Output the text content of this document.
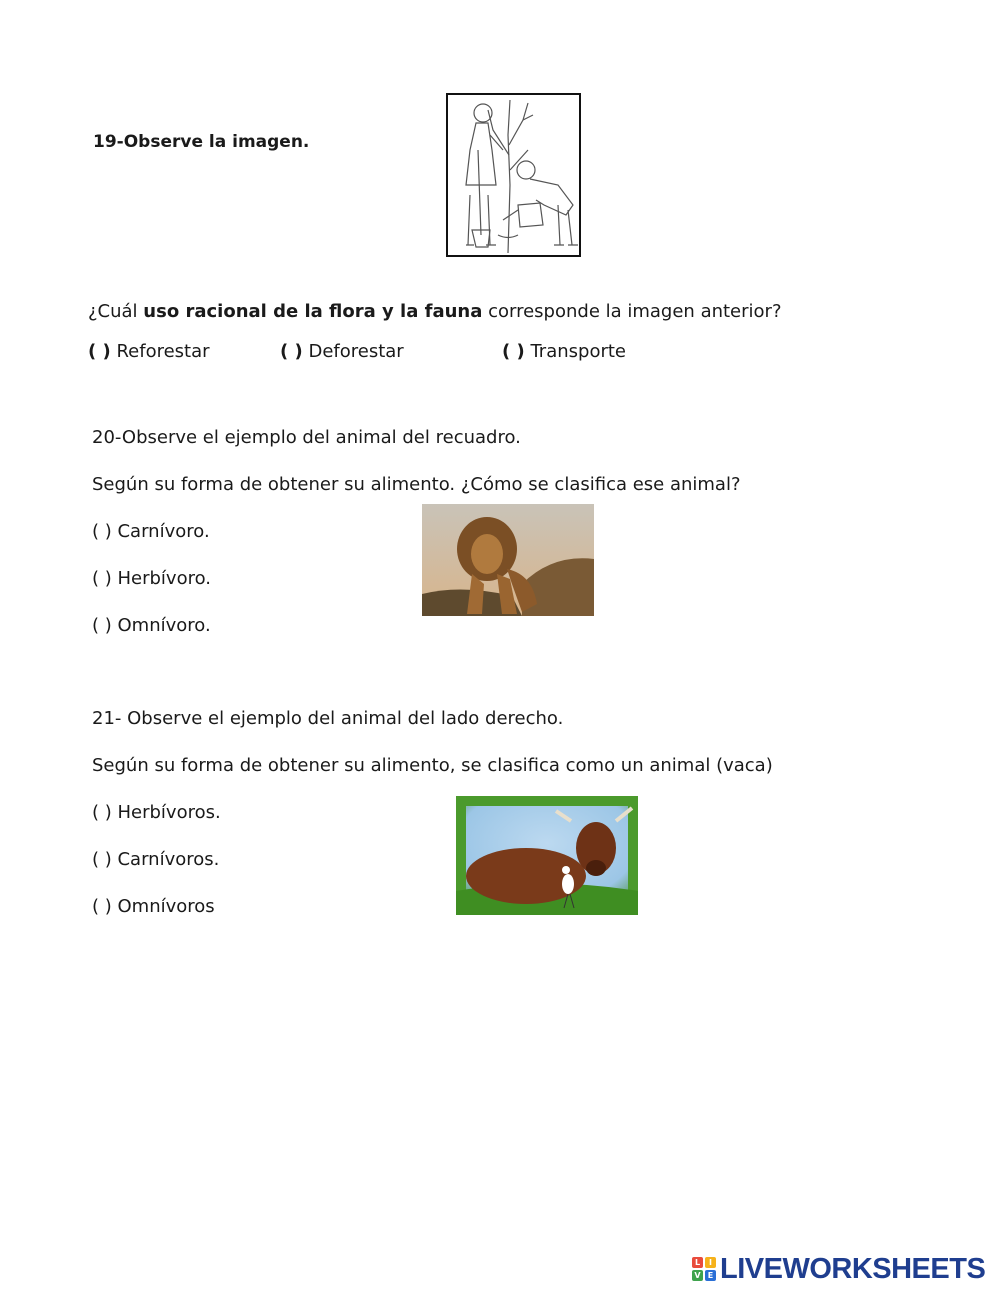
19-Observe la imagen.
¿Cuál uso racional de la flora y la fauna corresponde la imagen anterior?
( ) Reforestar	( ) Deforestar	( ) Transporte
20-Observe el ejemplo del animal del recuadro.
Según su forma de obtener su alimento. ¿Cómo se clasifica ese animal?
( ) Carnívoro.
( ) Herbívoro.
( ) Omnívoro.
21- Observe el ejemplo del animal del lado derecho.
Según su forma de obtener su alimento, se clasifica como un animal (vaca)
( ) Herbívoros.
( ) Carnívoros.
( ) Omnívoros
L	I
V E LIVEWORKSHEETS
